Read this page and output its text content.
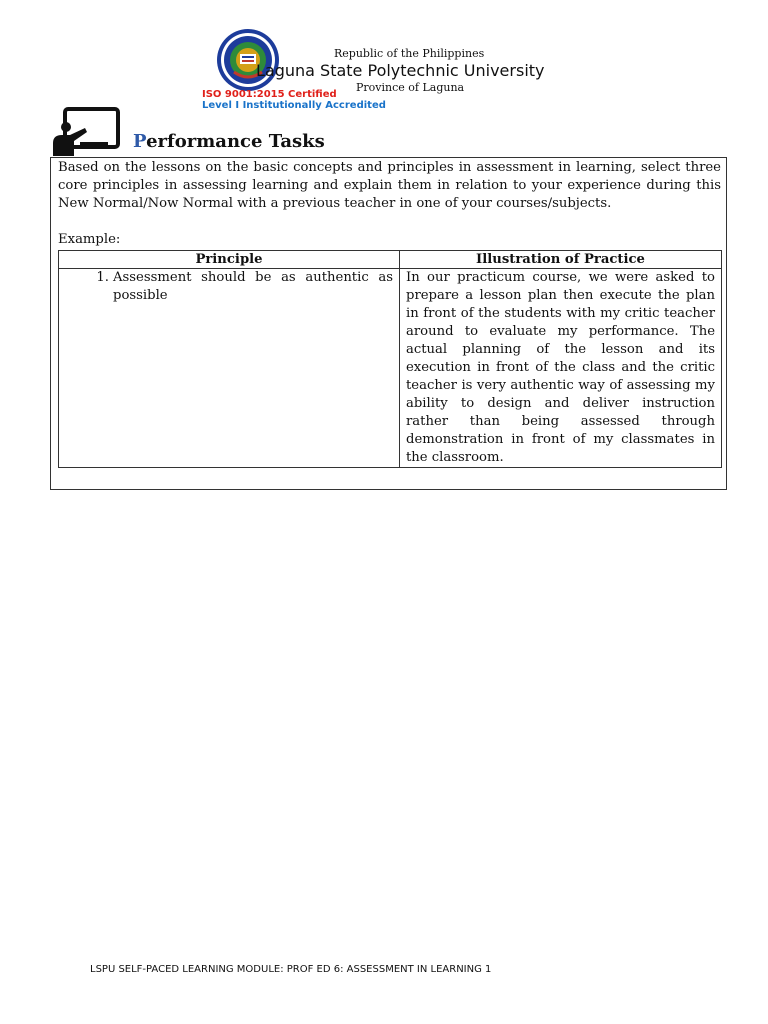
Republic of the Philippines
Laguna State Polytechnic University
Province of Laguna
ISO 9001:2015 Certified
Level I Institutionally Accredited
Performance Tasks
Based on the lessons on the basic concepts and principles in assessment in learning, select three core principles in assessing learning and explain them in relation to your experience during this New Normal/Now Normal with a previous teacher in one of your courses/subjects.
Example:
Principle	Illustration of Practice

1. Assessment should be as authentic as possible	In our practicum course, we were asked to prepare a lesson plan then execute the plan in front of the students with my critic teacher around to evaluate my performance. The actual planning of the lesson and its execution in front of the class and the critic teacher is very authentic way of assessing my ability to design and deliver instruction rather than being assessed through demonstration in front of my classmates in the classroom.
LSPU SELF-PACED LEARNING MODULE: PROF ED 6: ASSESSMENT IN LEARNING 1
